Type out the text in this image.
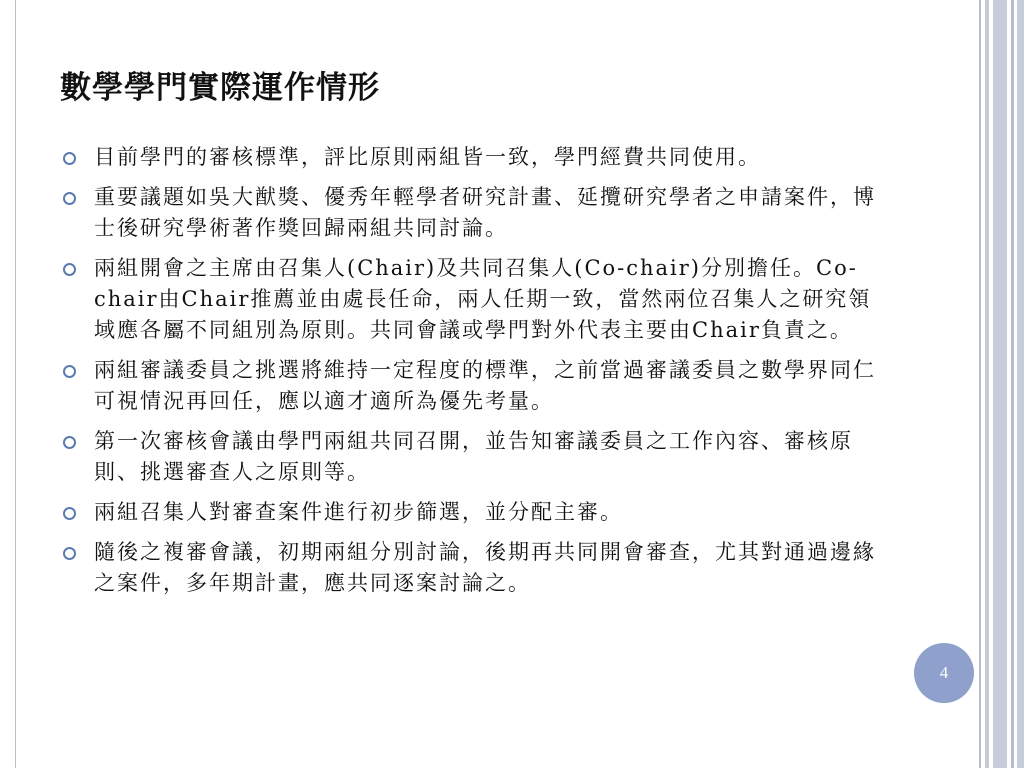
數學學門實際運作情形
目前學門的審核標準，評比原則兩組皆一致，學門經費共同使用。
重要議題如吳大猷獎、優秀年輕學者研究計畫、延攬研究學者之申請案件，博士後研究學術著作獎回歸兩組共同討論。
兩組開會之主席由召集人(Chair)及共同召集人(Co-chair)分別擔任。Co-chair由Chair推薦並由處長任命，兩人任期一致，當然兩位召集人之研究領域應各屬不同組別為原則。共同會議或學門對外代表主要由Chair負責之。
兩組審議委員之挑選將維持一定程度的標準，之前當過審議委員之數學界同仁可視情況再回任，應以適才適所為優先考量。
第一次審核會議由學門兩組共同召開，並告知審議委員之工作內容、審核原則、挑選審查人之原則等。
兩組召集人對審查案件進行初步篩選，並分配主審。
隨後之複審會議，初期兩組分別討論，後期再共同開會審查，尤其對通過邊緣之案件，多年期計畫，應共同逐案討論之。
4
